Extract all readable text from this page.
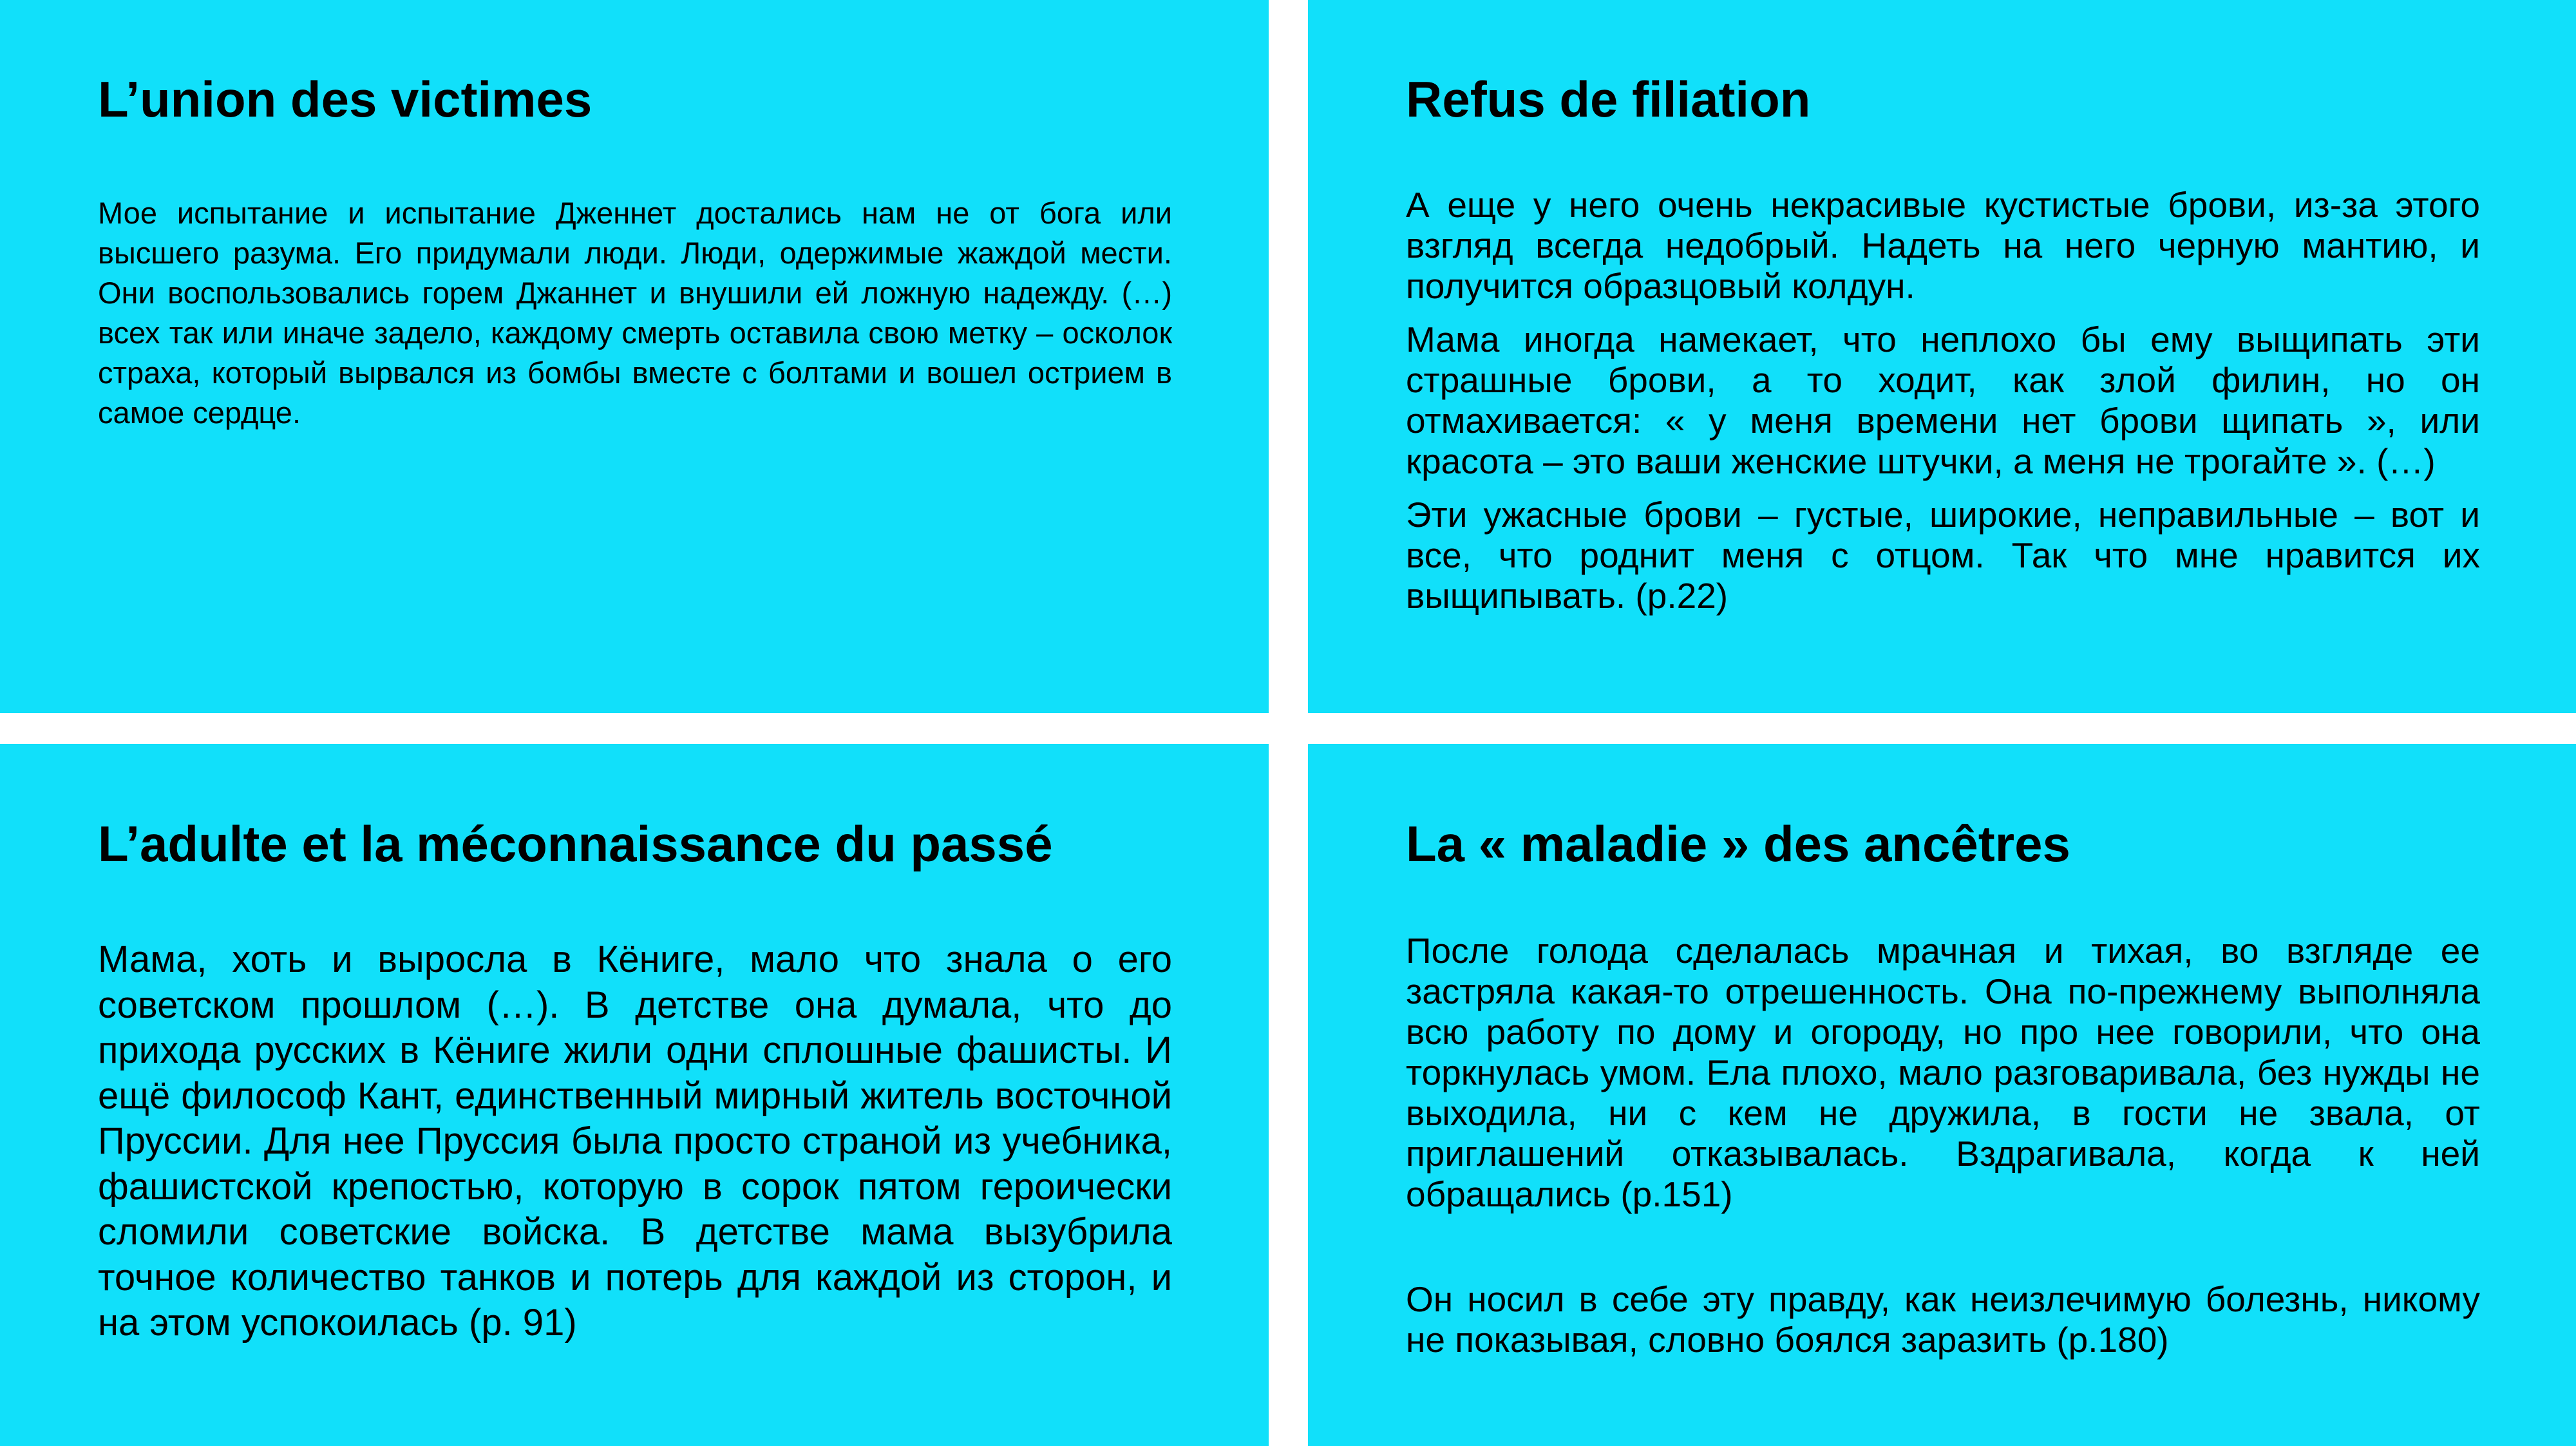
L’union des victimes

Мое испытание и испытание Дженнет достались нам не от бога или высшего разума. Его придумали люди. Люди, одержимые жаждой мести. Они воспользовались горем Джаннет и внушили ей ложную надежду. (…) всех так или иначе задело, каждому смерть оставила свою метку – осколок страха, который вырвался из бомбы вместе с болтами и вошел острием в самое сердце.

Refus de filiation

А еще у него очень некрасивые кустистые брови, из-за этого взгляд всегда недобрый. Надеть на него черную мантию, и получится образцовый колдун.

Мама иногда намекает, что неплохо бы ему выщипать эти страшные брови, а то ходит, как злой филин, но он отмахивается: « у меня времени нет брови щипать », или красота – это ваши женские штучки, а меня не трогайте ». (…)

Эти ужасные брови – густые, широкие, неправильные – вот и все, что роднит меня с отцом. Так что мне нравится их выщипывать. (p.22)

L’adulte et la méconnaissance du passé

Мама, хоть и выросла в Кёниге, мало что знала о его советском прошлом (…). В детстве она думала, что до прихода русских в Кёниге жили одни сплошные фашисты. И ещё философ Кант, единственный мирный житель восточной Пруссии. Для нее Пруссия была просто страной из учебника, фашистской крепостью, которую в сорок пятом героически сломили советские войска. В детстве мама вызубрила точное количество танков и потерь для каждой из сторон, и на этом успокоилась (p. 91)

La « maladie » des ancêtres

После голода сделалась мрачная и тихая, во взгляде ее застряла какая-то отрешенность. Она по-прежнему выполняла всю работу по дому и огороду, но про нее говорили, что она торкнулась умом. Ела плохо, мало разговаривала, без нужды не выходила, ни с кем не дружила, в гости не звала, от приглашений отказывалась. Вздрагивала, когда к ней обращались (p.151)

Он носил в себе эту правду, как неизлечимую болезнь, никому не показывая, словно боялся заразить (p.180)
